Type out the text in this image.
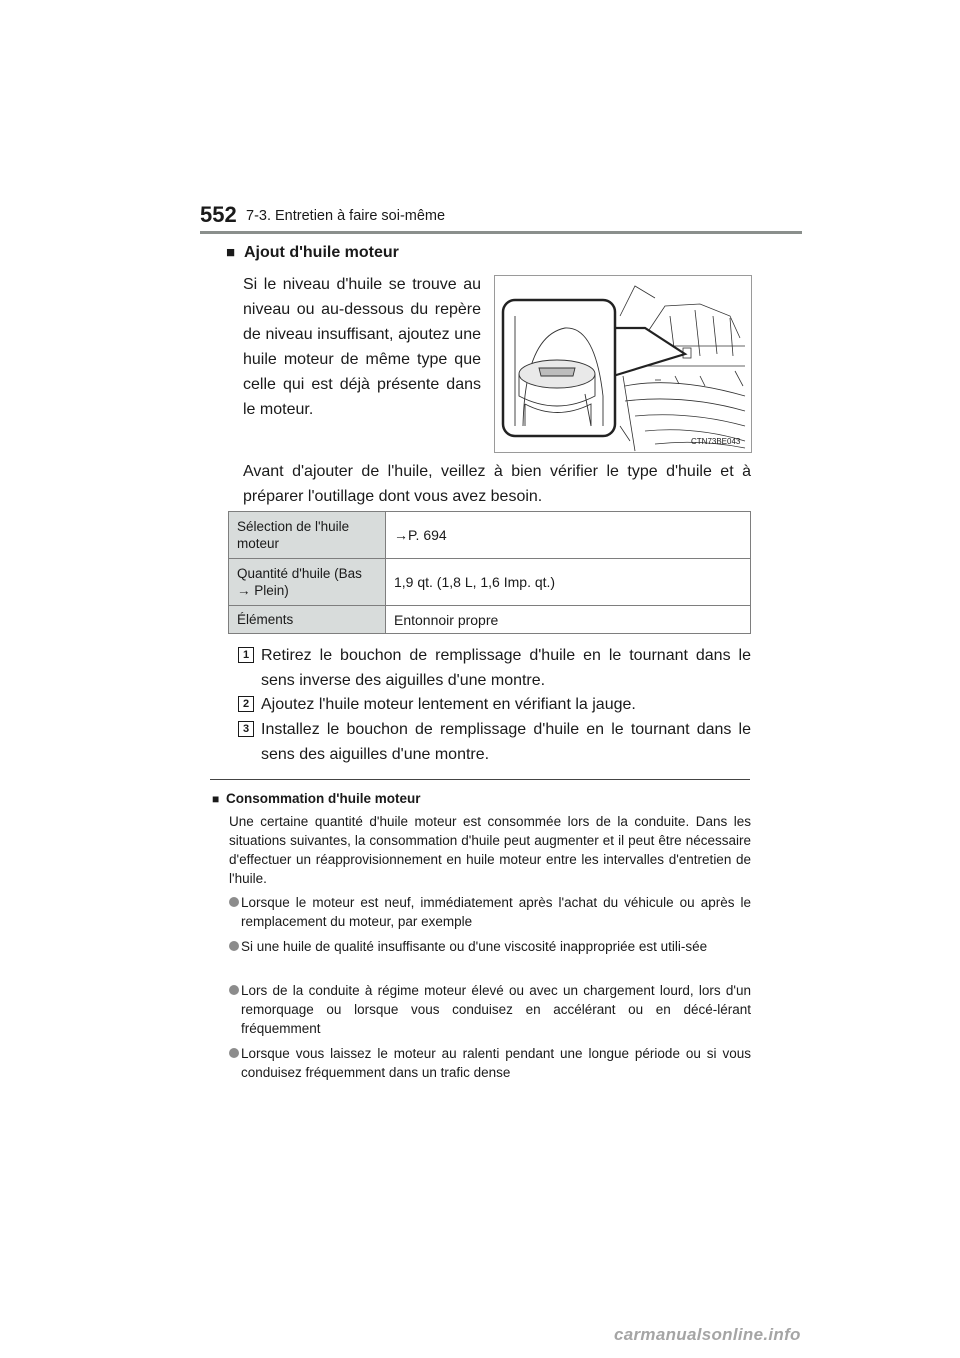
552 7-3. Entretien à faire soi-même
■ Ajout d'huile moteur
Si le niveau d'huile se trouve au niveau ou au-dessous du repère de niveau insuffisant, ajoutez une huile moteur de même type que celle qui est déjà présente dans le moteur.
CTN73BE043
Avant d'ajouter de l'huile, veillez à bien vérifier le type d'huile et à préparer l'outillage dont vous avez besoin.
Sélection de l'huile moteur	→P. 694
Quantité d'huile (Bas → Plein)	1,9 qt. (1,8 L, 1,6 Imp. qt.)
Éléments	Entonnoir propre
1 Retirez le bouchon de remplissage d'huile en le tournant dans le sens inverse des aiguilles d'une montre.
2 Ajoutez l'huile moteur lentement en vérifiant la jauge.
3 Installez le bouchon de remplissage d'huile en le tournant dans le sens des aiguilles d'une montre.
■ Consommation d'huile moteur
Une certaine quantité d'huile moteur est consommée lors de la conduite. Dans les situations suivantes, la consommation d'huile peut augmenter et il peut être nécessaire d'effectuer un réapprovisionnement en huile moteur entre les intervalles d'entretien de l'huile.
Lorsque le moteur est neuf, immédiatement après l'achat du véhicule ou après le remplacement du moteur, par exemple
Si une huile de qualité insuffisante ou d'une viscosité inappropriée est utili-sée
Lors de la conduite à régime moteur élevé ou avec un chargement lourd, lors d'un remorquage ou lorsque vous conduisez en accélérant ou en décé-lérant fréquemment
Lorsque vous laissez le moteur au ralenti pendant une longue période ou si vous conduisez fréquemment dans un trafic dense
carmanualsonline.info
